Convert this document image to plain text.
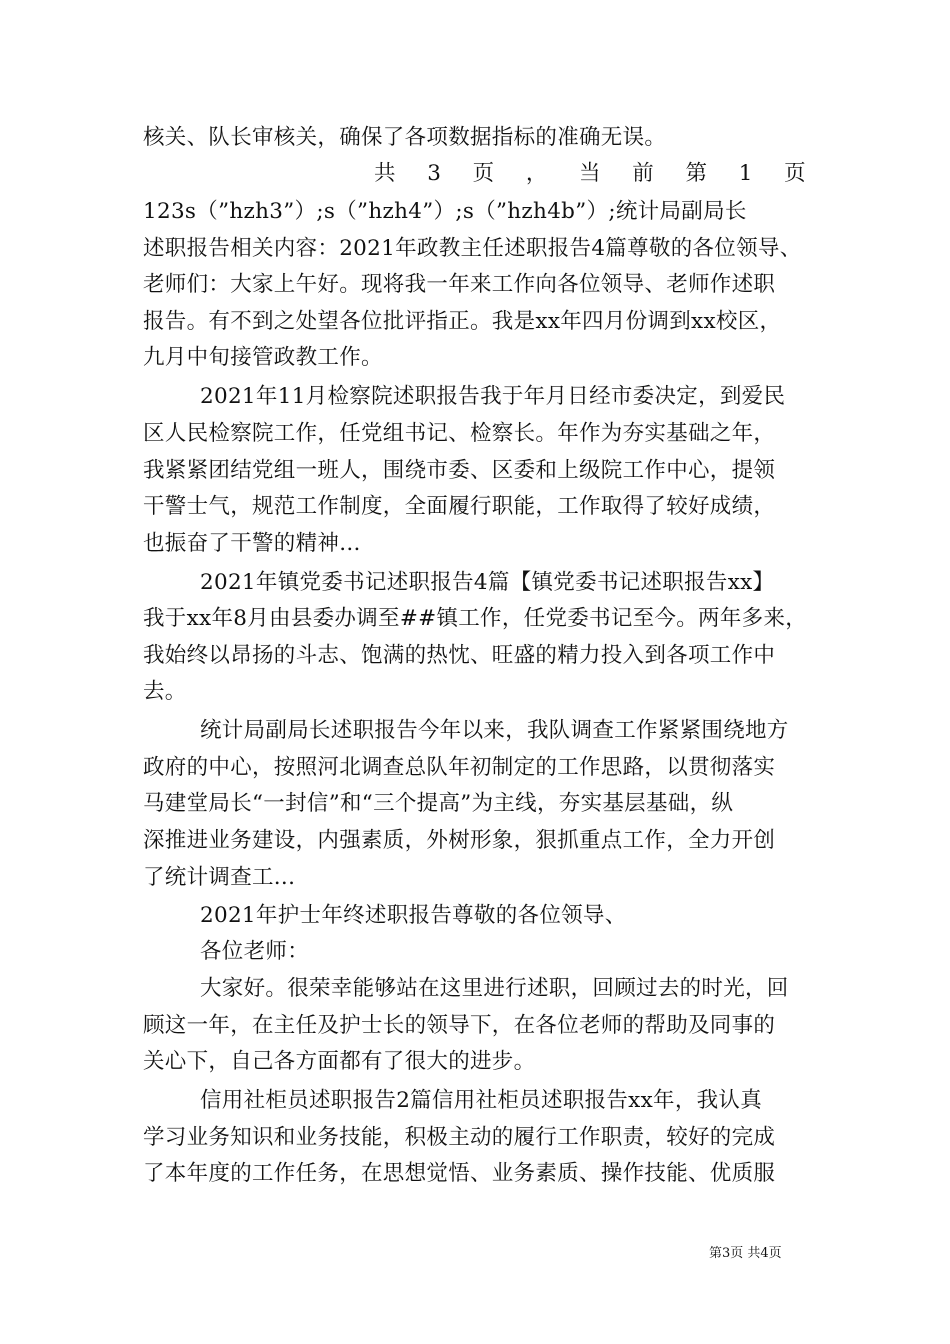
核关、队长审核关，确保了各项数据指标的准确无误。
共 3 页 ， 当 前 第 1 页
123s（”hzh3”）;s（”hzh4”）;s（”hzh4b”）;统计局副局长
述职报告相关内容：2021年政教主任述职报告4篇尊敬的各位领导、
老师们：大家上午好。现将我一年来工作向各位领导、老师作述职
报告。有不到之处望各位批评指正。我是xx年四月份调到xx校区，
九月中旬接管政教工作。
2021年11月检察院述职报告我于年月日经市委决定，到爱民
区人民检察院工作，任党组书记、检察长。年作为夯实基础之年，
我紧紧团结党组一班人，围绕市委、区委和上级院工作中心，提领
干警士气，规范工作制度，全面履行职能，工作取得了较好成绩，
也振奋了干警的精神...
2021年镇党委书记述职报告4篇【镇党委书记述职报告xx】
我于xx年8月由县委办调至##镇工作，任党委书记至今。两年多来，
我始终以昂扬的斗志、饱满的热忱、旺盛的精力投入到各项工作中
去。
统计局副局长述职报告今年以来，我队调查工作紧紧围绕地方
政府的中心，按照河北调查总队年初制定的工作思路，以贯彻落实
马建堂局长“一封信”和“三个提高”为主线，夯实基层基础，纵
深推进业务建设，内强素质，外树形象，狠抓重点工作，全力开创
了统计调查工...
2021年护士年终述职报告尊敬的各位领导、
各位老师：
大家好。很荣幸能够站在这里进行述职，回顾过去的时光，回
顾这一年，在主任及护士长的领导下，在各位老师的帮助及同事的
关心下，自己各方面都有了很大的进步。
信用社柜员述职报告2篇信用社柜员述职报告xx年，我认真
学习业务知识和业务技能，积极主动的履行工作职责，较好的完成
了本年度的工作任务，在思想觉悟、业务素质、操作技能、优质服
第3页 共4页
